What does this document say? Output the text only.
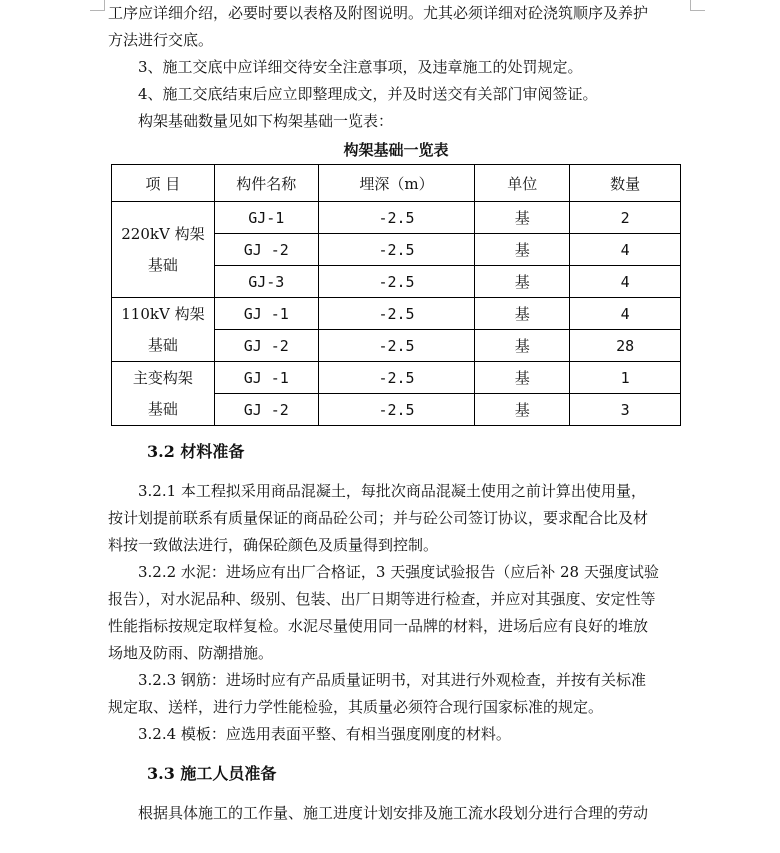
工序应详细介绍，必要时要以表格及附图说明。尤其必须详细对砼浇筑顺序及养护

方法进行交底。

3、施工交底中应详细交待安全注意事项，及违章施工的处罚规定。

4、施工交底结束后应立即整理成文，并及时送交有关部门审阅签证。

构架基础数量见如下构架基础一览表：

构架基础一览表

项 目	构件名称	埋深（m）	单位	数量

220kV 构架
基础	GJ-1	-2.5	基	2
	GJ -2	-2.5	基	4
	GJ-3	-2.5	基	4

110kV 构架
基础	GJ -1	-2.5	基	4
	GJ -2	-2.5	基	28

主变构架
基础	GJ -1	-2.5	基	1
	GJ -2	-2.5	基	3

3.2 材料准备

3.2.1 本工程拟采用商品混凝土，每批次商品混凝土使用之前计算出使用量，

按计划提前联系有质量保证的商品砼公司；并与砼公司签订协议，要求配合比及材

料按一致做法进行，确保砼颜色及质量得到控制。

3.2.2 水泥：进场应有出厂合格证，3 天强度试验报告（应后补 28 天强度试验

报告），对水泥品种、级别、包装、出厂日期等进行检查，并应对其强度、安定性等

性能指标按规定取样复检。水泥尽量使用同一品牌的材料，进场后应有良好的堆放

场地及防雨、防潮措施。

3.2.3 钢筋：进场时应有产品质量证明书，对其进行外观检查，并按有关标准

规定取、送样，进行力学性能检验，其质量必须符合现行国家标准的规定。

3.2.4 模板：应选用表面平整、有相当强度刚度的材料。

3.3 施工人员准备

根据具体施工的工作量、施工进度计划安排及施工流水段划分进行合理的劳动
